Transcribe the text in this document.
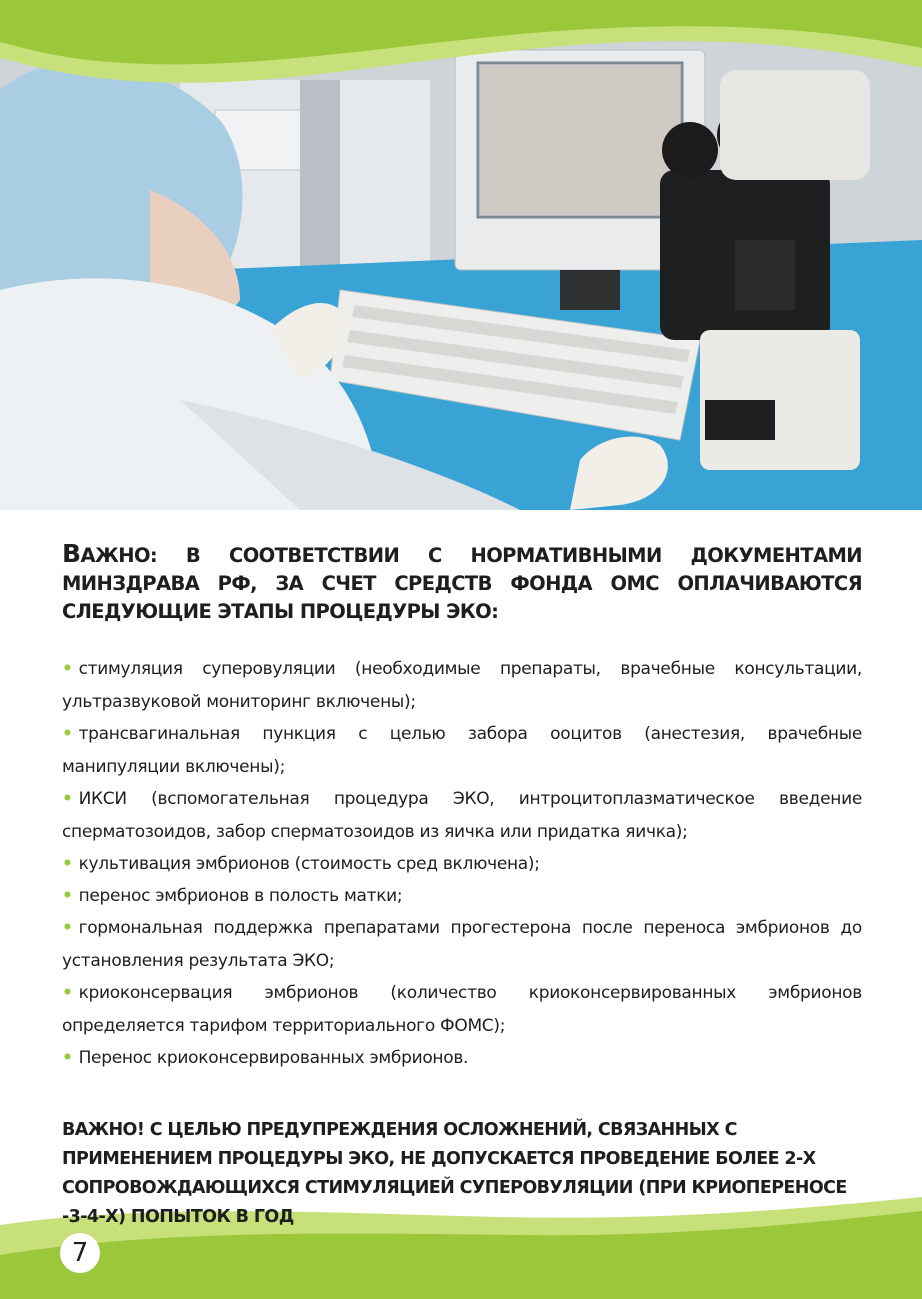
ВАЖНО: В СООТВЕТСТВИИ С НОРМАТИВНЫМИ ДОКУМЕНТАМИ МИНЗДРАВА РФ, ЗА СЧЕТ СРЕДСТВ ФОНДА ОМС ОПЛАЧИВАЮТСЯ СЛЕДУЮЩИЕ ЭТАПЫ ПРОЦЕДУРЫ ЭКО:
• стимуляция суперовуляции (необходимые препараты, врачебные консультации, ультразвуковой мониторинг включены);
• трансвагинальная пункция с целью забора ооцитов (анестезия, врачебные манипуляции включены);
• ИКСИ (вспомогательная процедура ЭКО, интроцитоплазматическое введение сперматозоидов, забор сперматозоидов из яичка или придатка яичка);
• культивация эмбрионов (стоимость сред включена);
• перенос эмбрионов в полость матки;
• гормональная поддержка препаратами прогестерона после переноса эмбрионов до установления результата ЭКО;
• криоконсервация эмбрионов (количество криоконсервированных эмбрионов определяется тарифом территориального ФОМС);
• Перенос криоконсервированных эмбрионов.

ВАЖНО! С ЦЕЛЬЮ ПРЕДУПРЕЖДЕНИЯ ОСЛОЖНЕНИЙ, СВЯЗАННЫХ С ПРИМЕНЕНИЕМ ПРОЦЕДУРЫ ЭКО, НЕ ДОПУСКАЕТСЯ ПРОВЕДЕНИЕ БОЛЕЕ 2-Х СОПРОВОЖДАЮЩИХСЯ СТИМУЛЯЦИЕЙ СУПЕРОВУЛЯЦИИ (ПРИ КРИОПЕРЕНОСЕ -3-4-Х) ПОПЫТОК В ГОД

7
